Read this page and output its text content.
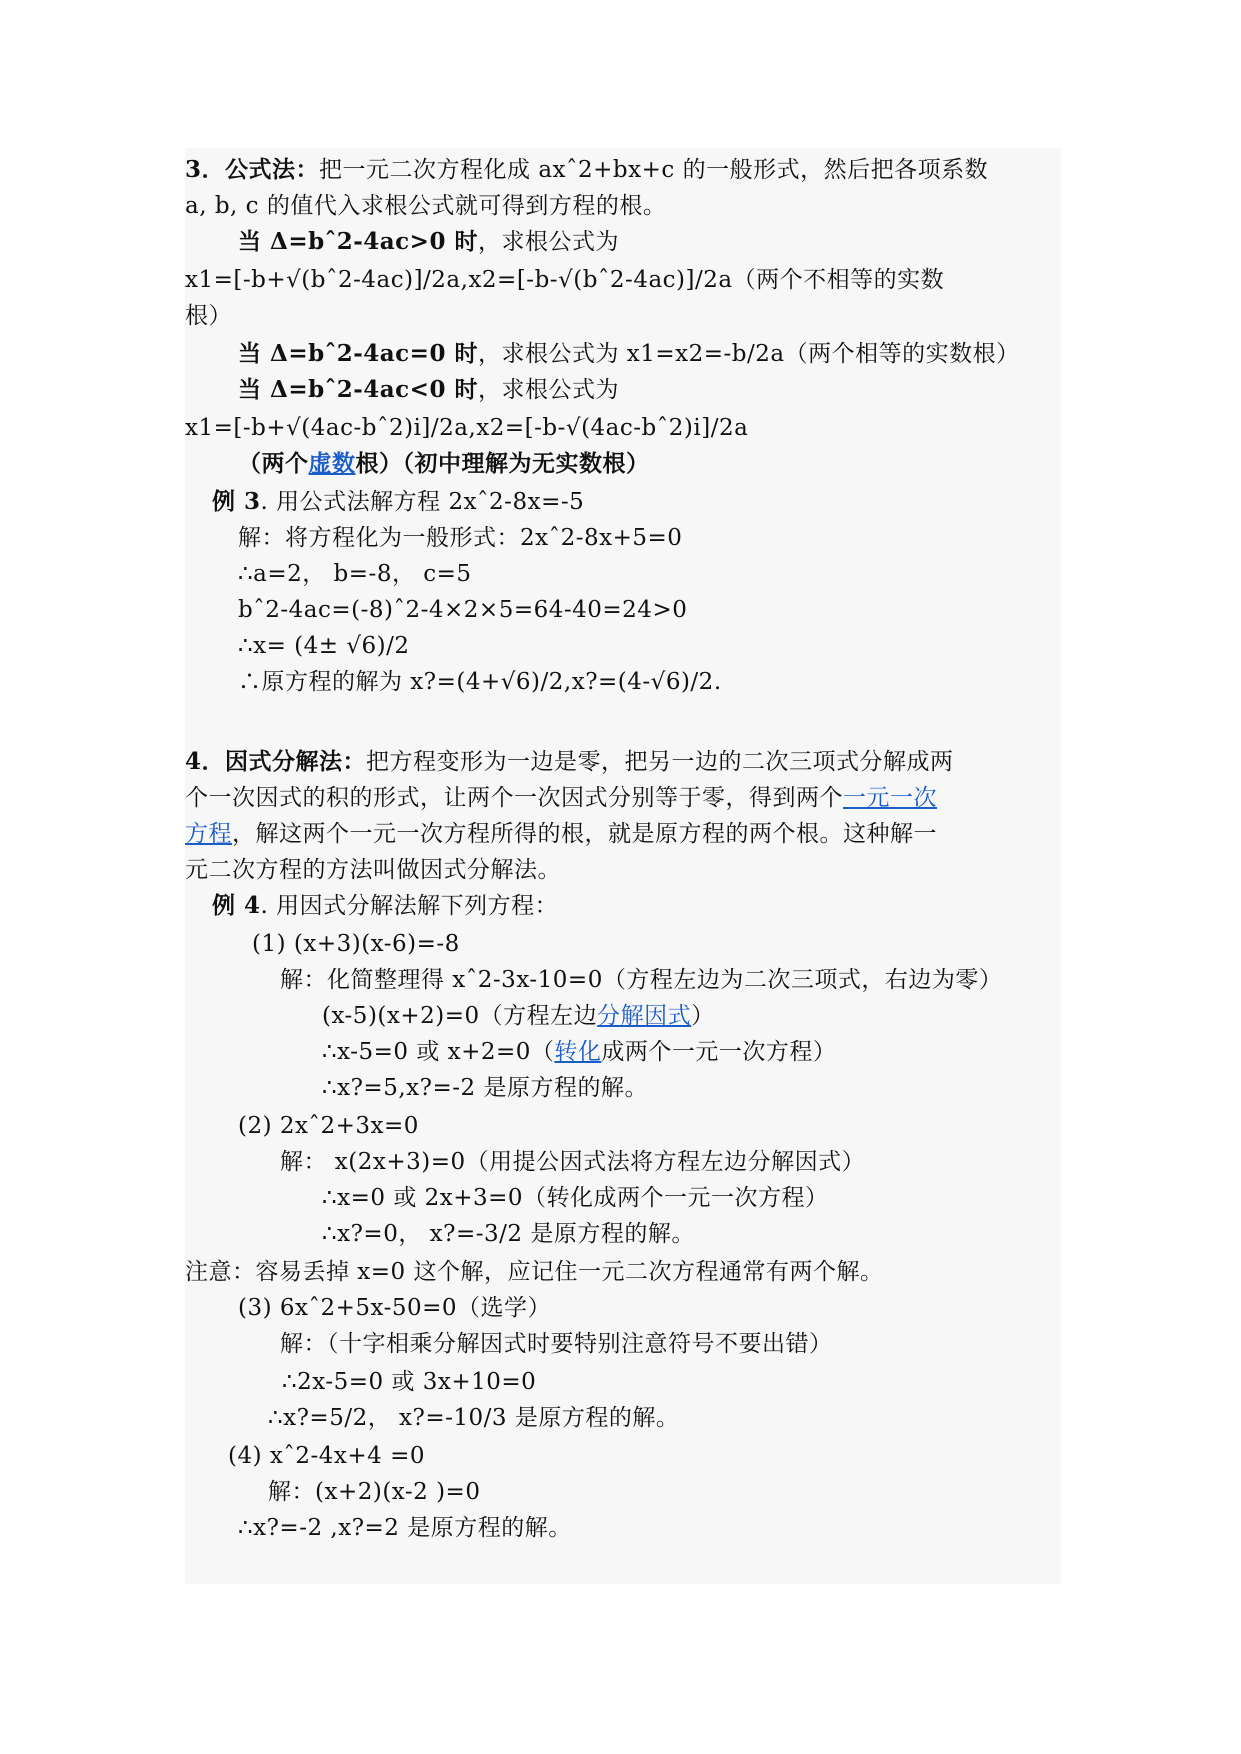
3．公式法：把一元二次方程化成 axˆ2+bx+c 的一般形式，然后把各项系数
a, b, c 的值代入求根公式就可得到方程的根。
当 Δ=bˆ2-4ac>0 时，求根公式为
x1=[-b+√(bˆ2-4ac)]/2a,x2=[-b-√(bˆ2-4ac)]/2a（两个不相等的实数
根）
当 Δ=bˆ2-4ac=0 时，求根公式为 x1=x2=-b/2a（两个相等的实数根）
当 Δ=bˆ2-4ac<0 时，求根公式为
x1=[-b+√(4ac-bˆ2)i]/2a,x2=[-b-√(4ac-bˆ2)i]/2a
（两个虚数根）（初中理解为无实数根）
例 3. 用公式法解方程 2xˆ2-8x=-5
解：将方程化为一般形式：2xˆ2-8x+5=0
∴a=2， b=-8， c=5
bˆ2-4ac=(-8)ˆ2-4×2×5=64-40=24>0
∴x= (4± √6)/2
∴原方程的解为 x?=(4+√6)/2,x?=(4-√6)/2.
4．因式分解法：把方程变形为一边是零，把另一边的二次三项式分解成两
个一次因式的积的形式，让两个一次因式分别等于零，得到两个一元一次
方程，解这两个一元一次方程所得的根，就是原方程的两个根。这种解一
元二次方程的方法叫做因式分解法。
例 4. 用因式分解法解下列方程：
(1) (x+3)(x-6)=-8
解：化简整理得 xˆ2-3x-10=0（方程左边为二次三项式，右边为零）
(x-5)(x+2)=0（方程左边分解因式）
∴x-5=0 或 x+2=0（转化成两个一元一次方程）
∴x?=5,x?=-2 是原方程的解。
(2) 2xˆ2+3x=0
解： x(2x+3)=0（用提公因式法将方程左边分解因式）
∴x=0 或 2x+3=0（转化成两个一元一次方程）
∴x?=0， x?=-3/2 是原方程的解。
注意：容易丢掉 x=0 这个解，应记住一元二次方程通常有两个解。
(3) 6xˆ2+5x-50=0（选学）
解：（十字相乘分解因式时要特别注意符号不要出错）
∴2x-5=0 或 3x+10=0
∴x?=5/2， x?=-10/3 是原方程的解。
(4) xˆ2-4x+4 =0
解：(x+2)(x-2 )=0
∴x?=-2 ,x?=2 是原方程的解。
